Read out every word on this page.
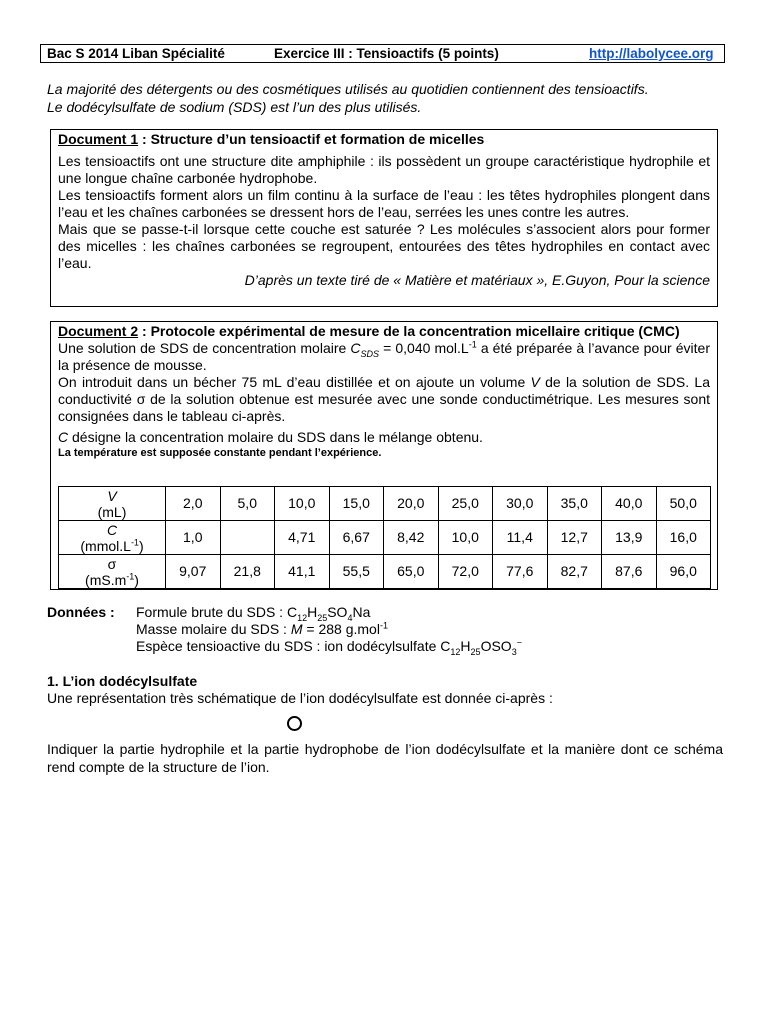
Bac S 2014 Liban Spécialité	Exercice III : Tensioactifs (5 points)	http://labolycee.org
La majorité des détergents ou des cosmétiques utilisés au quotidien contiennent des tensioactifs.
Le dodécylsulfate de sodium (SDS) est l’un des plus utilisés.

Document 1 : Structure d’un tensioactif et formation de micelles

Les tensioactifs ont une structure dite amphiphile : ils possèdent un groupe caractéristique hydrophile et une longue chaîne carbonée hydrophobe.

Les tensioactifs forment alors un film continu à la surface de l’eau : les têtes hydrophiles plongent dans l’eau et les chaînes carbonées se dressent hors de l’eau, serrées les unes contre les autres.

Mais que se passe-t-il lorsque cette couche est saturée ? Les molécules s’associent alors pour former des micelles : les chaînes carbonées se regroupent, entourées des têtes hydrophiles en contact avec l’eau.

D’après un texte tiré de « Matière et matériaux », E.Guyon, Pour la science

Document 2 : Protocole expérimental de mesure de la concentration micellaire critique (CMC)

Une solution de SDS de concentration molaire $C_{SDS} = 0,040$ $mol.L^{-1}$ a été préparée à l’avance pour éviter la présence de mousse.

On introduit dans un bécher 75 mL d’eau distillée et on ajoute un volume V de la solution de SDS. La conductivité σ de la solution obtenue est mesurée avec une sonde conductimétrique. Les mesures sont consignées dans le tableau ci-après.

C désigne la concentration molaire du SDS dans le mélange obtenu.

La température est supposée constante pendant l’expérience.

V
(mL)	2,0	5,0	10,0	15,0	20,0	25,0	30,0	35,0	40,0	50,0
C
$(mmol.L^{-1})$	1,0		4,71	6,67	8,42	10,0	11,4	12,7	13,9	16,0
σ
$(mS.m^{-1})$	9,07	21,8	41,1	55,5	65,0	72,0	77,6	82,7	87,6	96,0
Données : Formule brute du SDS : $C_{12}H_{25}SO_4Na$
Masse molaire du SDS : M = 288 g.mol$^{-1}$
Espèce tensioactive du SDS : ion dodécylsulfate $C_{12}H_{25}OSO_3^-$
1. L’ion dodécylsulfate
Une représentation très schématique de l’ion dodécylsulfate est donnée ci-après :
Indiquer la partie hydrophile et la partie hydrophobe de l’ion dodécylsulfate et la manière dont ce schéma rend compte de la structure de l’ion.
